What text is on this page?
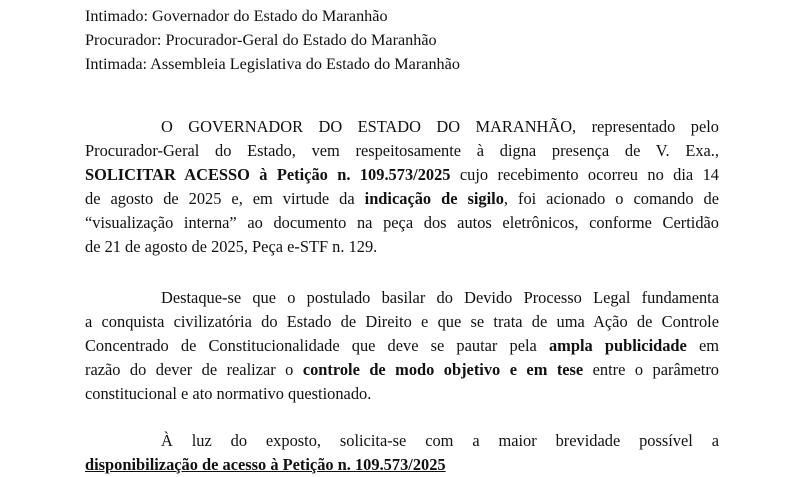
Intimado: Governador do Estado do Maranhão
Procurador: Procurador-Geral do Estado do Maranhão
Intimada: Assembleia Legislativa do Estado do Maranhão
O GOVERNADOR DO ESTADO DO MARANHÃO, representado pelo
Procurador-Geral do Estado, vem respeitosamente à digna presença de V. Exa.,
SOLICITAR ACESSO à Petição n. 109.573/2025 cujo recebimento ocorreu no dia 14
de agosto de 2025 e, em virtude da indicação de sigilo, foi acionado o comando de
“visualização interna” ao documento na peça dos autos eletrônicos, conforme Certidão
de 21 de agosto de 2025, Peça e-STF n. 129.
Destaque-se que o postulado basilar do Devido Processo Legal fundamenta
a conquista civilizatória do Estado de Direito e que se trata de uma Ação de Controle
Concentrado de Constitucionalidade que deve se pautar pela ampla publicidade em
razão do dever de realizar o controle de modo objetivo e em tese entre o parâmetro
constitucional e ato normativo questionado.
À luz do exposto, solicita-se com a maior brevidade possível a
disponibilização de acesso à Petição n. 109.573/2025
